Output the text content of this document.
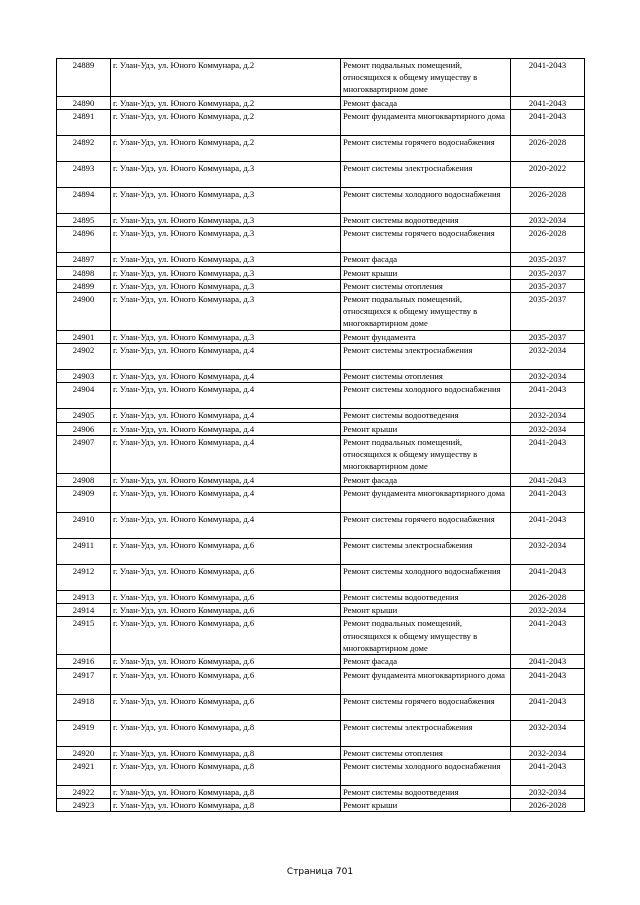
24889	г. Улан-Удэ, ул. Юного Коммунара, д.2	Ремонт подвальных помещений, относящихся к общему имуществу в многоквартирном доме	2041-2043
24890	г. Улан-Удэ, ул. Юного Коммунара, д.2	Ремонт фасада	2041-2043
24891	г. Улан-Удэ, ул. Юного Коммунара, д.2	Ремонт фундамента многоквартирного дома	2041-2043
24892	г. Улан-Удэ, ул. Юного Коммунара, д.2	Ремонт системы горячего водоснабжения	2026-2028
24893	г. Улан-Удэ, ул. Юного Коммунара, д.3	Ремонт системы электроснабжения	2020-2022
24894	г. Улан-Удэ, ул. Юного Коммунара, д.3	Ремонт системы холодного водоснабжения	2026-2028
24895	г. Улан-Удэ, ул. Юного Коммунара, д.3	Ремонт системы водоотведения	2032-2034
24896	г. Улан-Удэ, ул. Юного Коммунара, д.3	Ремонт системы горячего водоснабжения	2026-2028
24897	г. Улан-Удэ, ул. Юного Коммунара, д.3	Ремонт фасада	2035-2037
24898	г. Улан-Удэ, ул. Юного Коммунара, д.3	Ремонт крыши	2035-2037
24899	г. Улан-Удэ, ул. Юного Коммунара, д.3	Ремонт системы отопления	2035-2037
24900	г. Улан-Удэ, ул. Юного Коммунара, д.3	Ремонт подвальных помещений, относящихся к общему имуществу в многоквартирном доме	2035-2037
24901	г. Улан-Удэ, ул. Юного Коммунара, д.3	Ремонт фундамента	2035-2037
24902	г. Улан-Удэ, ул. Юного Коммунара, д.4	Ремонт системы электроснабжения	2032-2034
24903	г. Улан-Удэ, ул. Юного Коммунара, д.4	Ремонт системы отопления	2032-2034
24904	г. Улан-Удэ, ул. Юного Коммунара, д.4	Ремонт системы холодного водоснабжения	2041-2043
24905	г. Улан-Удэ, ул. Юного Коммунара, д.4	Ремонт системы водоотведения	2032-2034
24906	г. Улан-Удэ, ул. Юного Коммунара, д.4	Ремонт крыши	2032-2034
24907	г. Улан-Удэ, ул. Юного Коммунара, д.4	Ремонт подвальных помещений, относящихся к общему имуществу в многоквартирном доме	2041-2043
24908	г. Улан-Удэ, ул. Юного Коммунара, д.4	Ремонт фасада	2041-2043
24909	г. Улан-Удэ, ул. Юного Коммунара, д.4	Ремонт фундамента многоквартирного дома	2041-2043
24910	г. Улан-Удэ, ул. Юного Коммунара, д.4	Ремонт системы горячего водоснабжения	2041-2043
24911	г. Улан-Удэ, ул. Юного Коммунара, д.6	Ремонт системы электроснабжения	2032-2034
24912	г. Улан-Удэ, ул. Юного Коммунара, д.6	Ремонт системы холодного водоснабжения	2041-2043
24913	г. Улан-Удэ, ул. Юного Коммунара, д.6	Ремонт системы водоотведения	2026-2028
24914	г. Улан-Удэ, ул. Юного Коммунара, д.6	Ремонт крыши	2032-2034
24915	г. Улан-Удэ, ул. Юного Коммунара, д.6	Ремонт подвальных помещений, относящихся к общему имуществу в многоквартирном доме	2041-2043
24916	г. Улан-Удэ, ул. Юного Коммунара, д.6	Ремонт фасада	2041-2043
24917	г. Улан-Удэ, ул. Юного Коммунара, д.6	Ремонт фундамента многоквартирного дома	2041-2043
24918	г. Улан-Удэ, ул. Юного Коммунара, д.6	Ремонт системы горячего водоснабжения	2041-2043
24919	г. Улан-Удэ, ул. Юного Коммунара, д.8	Ремонт системы электроснабжения	2032-2034
24920	г. Улан-Удэ, ул. Юного Коммунара, д.8	Ремонт системы отопления	2032-2034
24921	г. Улан-Удэ, ул. Юного Коммунара, д.8	Ремонт системы холодного водоснабжения	2041-2043
24922	г. Улан-Удэ, ул. Юного Коммунара, д.8	Ремонт системы водоотведения	2032-2034
24923	г. Улан-Удэ, ул. Юного Коммунара, д.8	Ремонт крыши	2026-2028
Страница 701
